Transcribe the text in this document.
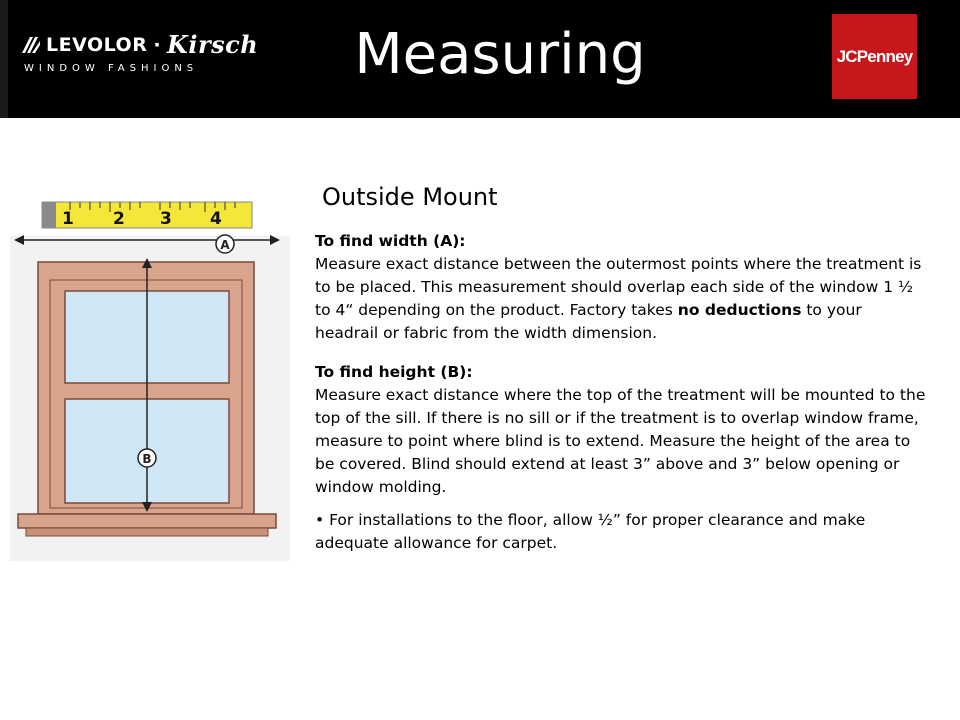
LEVOLOR · Kirsch
WINDOW FASHIONS	Measuring	JCPenney
1 2 3 4
A
B
Outside Mount

To find width (A):

Measure exact distance between the outermost points where the treatment is to be placed. This measurement should overlap each side of the window 1 ½ to 4“ depending on the product. Factory takes no deductions to your headrail or fabric from the width dimension.

To find height (B):

Measure exact distance where the top of the treatment will be mounted to the top of the sill. If there is no sill or if the treatment is to overlap window frame, measure to point where blind is to extend. Measure the height of the area to be covered. Blind should extend at least 3” above and 3” below opening or window molding.

• For installations to the floor, allow ½” for proper clearance and make adequate allowance for carpet.
